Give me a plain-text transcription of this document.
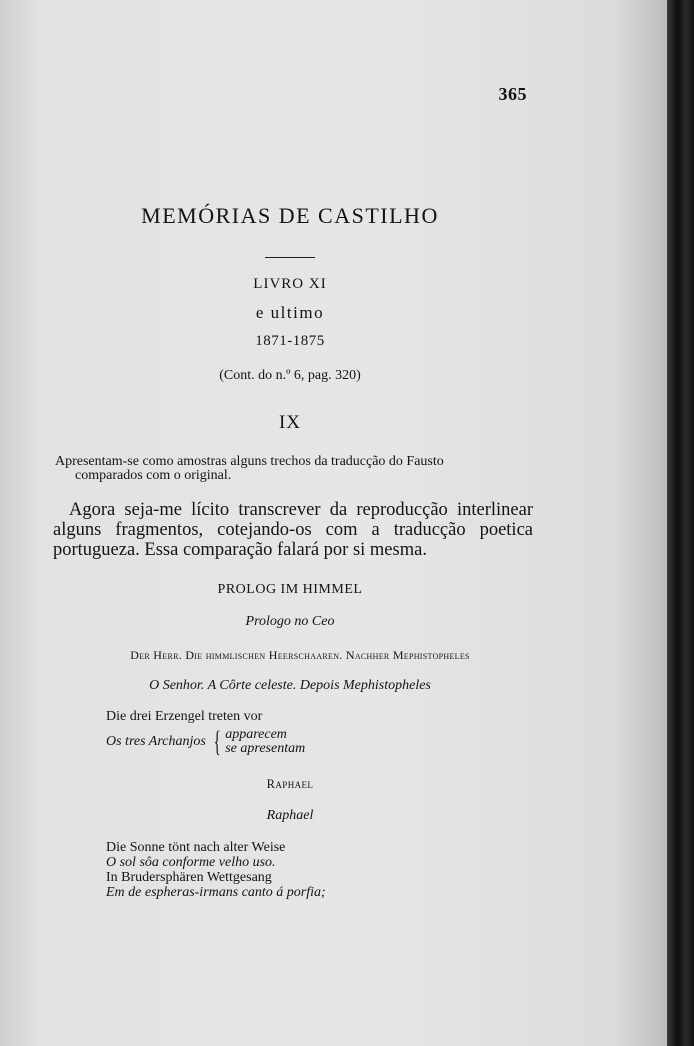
365
MEMÓRIAS DE CASTILHO
LIVRO XI
e ultimo
1871-1875
(Cont. do n.º 6, pag. 320)
IX
Apresentam-se como amostras alguns trechos da traducção do Fausto
comparados com o original.
Agora seja-me lícito transcrever da reproducção interlinear alguns fragmentos, cotejando-os com a traducção poetica portugueza. Essa comparação falará por si mesma.
PROLOG IM HIMMEL
Prologo no Ceo
Der Herr. Die himmlischen Heerschaaren. Nachher Mephistopheles
O Senhor. A Côrte celeste. Depois Mephistopheles
Die drei Erzengel treten vor
Os tres Archanjos { apparecem
se apresentam
Raphael
Raphael
Die Sonne tönt nach alter Weise
O sol sôa conforme velho uso.
In Brudersphären Wettgesang
Em de espheras-irmans canto á porfia;
